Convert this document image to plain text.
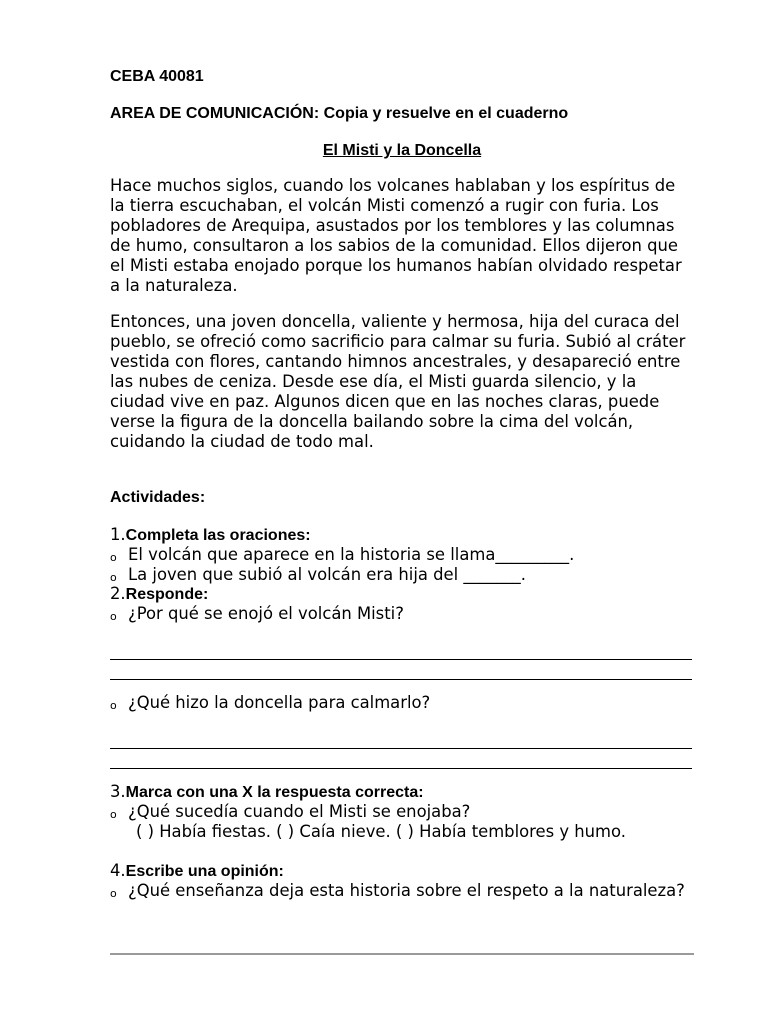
CEBA 40081
AREA DE COMUNICACIÓN: Copia y resuelve en el cuaderno
El Misti y la Doncella
Hace muchos siglos, cuando los volcanes hablaban y los espíritus de la tierra escuchaban, el volcán Misti comenzó a rugir con furia. Los pobladores de Arequipa, asustados por los temblores y las columnas de humo, consultaron a los sabios de la comunidad. Ellos dijeron que el Misti estaba enojado porque los humanos habían olvidado respetar a la naturaleza.
Entonces, una joven doncella, valiente y hermosa, hija del curaca del pueblo, se ofreció como sacrificio para calmar su furia. Subió al cráter vestida con flores, cantando himnos ancestrales, y desapareció entre las nubes de ceniza. Desde ese día, el Misti guarda silencio, y la ciudad vive en paz. Algunos dicen que en las noches claras, puede verse la figura de la doncella bailando sobre la cima del volcán, cuidando la ciudad de todo mal.
Actividades:
1.Completa las oraciones:
o El volcán que aparece en la historia se llama_________.
o La joven que subió al volcán era hija del _______.
2.Responde:
o ¿Por qué se enojó el volcán Misti?
o ¿Qué hizo la doncella para calmarlo?
3.Marca con una X la respuesta correcta:
o ¿Qué sucedía cuando el Misti se enojaba?
( ) Había fiestas. ( ) Caía nieve. ( ) Había temblores y humo.
4.Escribe una opinión:
o ¿Qué enseñanza deja esta historia sobre el respeto a la naturaleza?
